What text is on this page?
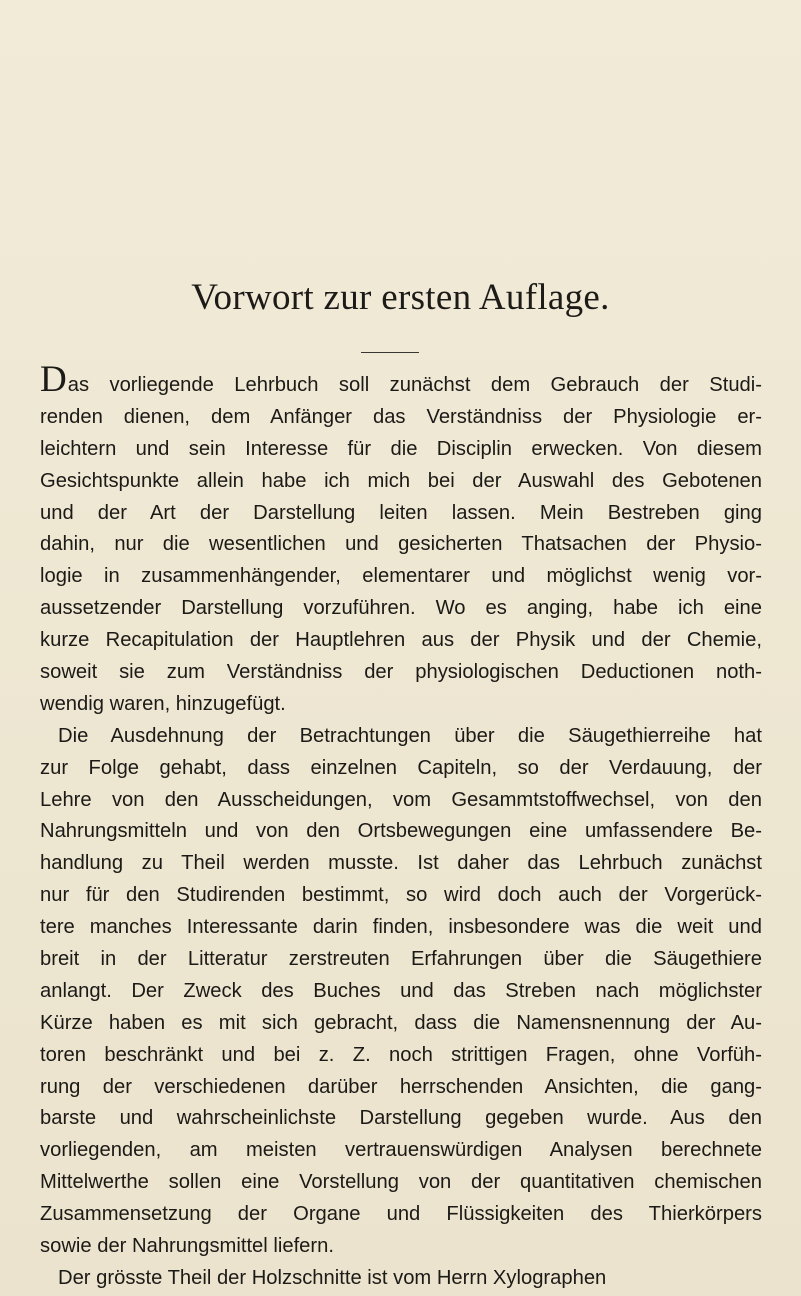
Vorwort zur ersten Auflage.
Das vorliegende Lehrbuch soll zunächst dem Gebrauch der Studi-
renden dienen, dem Anfänger das Verständniss der Physiologie er-
leichtern und sein Interesse für die Disciplin erwecken. Von diesem
Gesichtspunkte allein habe ich mich bei der Auswahl des Gebotenen
und der Art der Darstellung leiten lassen. Mein Bestreben ging
dahin, nur die wesentlichen und gesicherten Thatsachen der Physio-
logie in zusammenhängender, elementarer und möglichst wenig vor-
aussetzender Darstellung vorzuführen. Wo es anging, habe ich eine
kurze Recapitulation der Hauptlehren aus der Physik und der Chemie,
soweit sie zum Verständniss der physiologischen Deductionen noth-
wendig waren, hinzugefügt.
Die Ausdehnung der Betrachtungen über die Säugethierreihe hat
zur Folge gehabt, dass einzelnen Capiteln, so der Verdauung, der
Lehre von den Ausscheidungen, vom Gesammtstoffwechsel, von den
Nahrungsmitteln und von den Ortsbewegungen eine umfassendere Be-
handlung zu Theil werden musste. Ist daher das Lehrbuch zunächst
nur für den Studirenden bestimmt, so wird doch auch der Vorgerück-
tere manches Interessante darin finden, insbesondere was die weit und
breit in der Litteratur zerstreuten Erfahrungen über die Säugethiere
anlangt. Der Zweck des Buches und das Streben nach möglichster
Kürze haben es mit sich gebracht, dass die Namensnennung der Au-
toren beschränkt und bei z. Z. noch strittigen Fragen, ohne Vorfüh-
rung der verschiedenen darüber herrschenden Ansichten, die gang-
barste und wahrscheinlichste Darstellung gegeben wurde. Aus den
vorliegenden, am meisten vertrauenswürdigen Analysen berechnete
Mittelwerthe sollen eine Vorstellung von der quantitativen chemischen
Zusammensetzung der Organe und Flüssigkeiten des Thierkörpers
sowie der Nahrungsmittel liefern.
Der grösste Theil der Holzschnitte ist vom Herrn Xylographen
